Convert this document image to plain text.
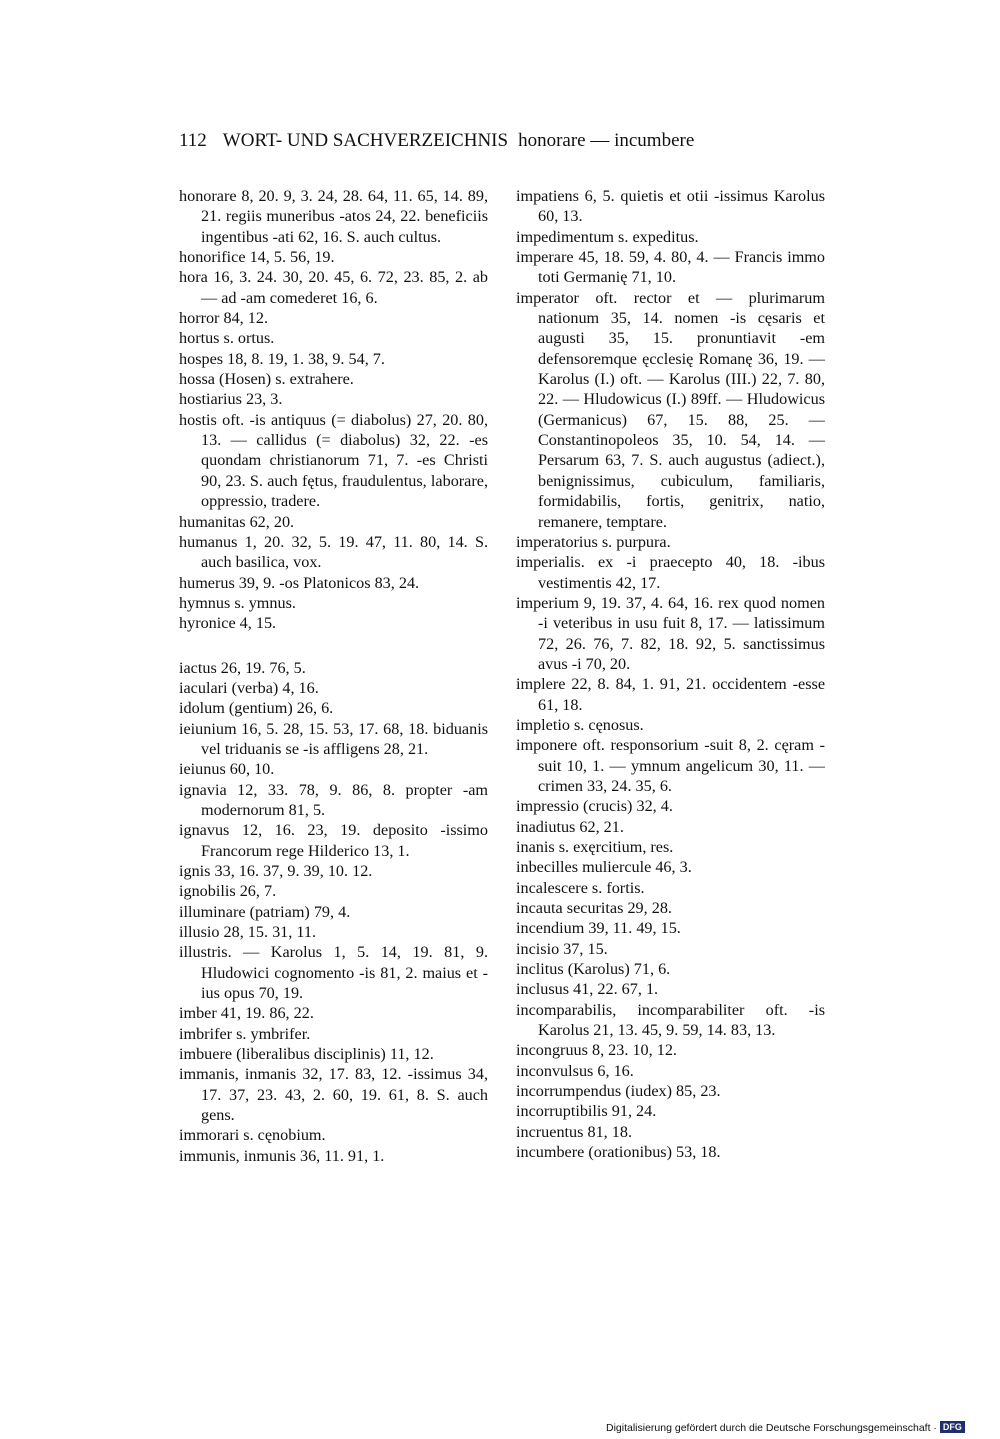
112 WORT- UND SACHVERZEICHNIS honorare — incumbere
honorare 8, 20. 9, 3. 24, 28. 64, 11. 65, 14. 89, 21. regiis muneribus -atos 24, 22. beneficiis ingentibus -ati 62, 16. S. auch cultus.
honorifice 14, 5. 56, 19.
hora 16, 3. 24. 30, 20. 45, 6. 72, 23. 85, 2. ab — ad -am comederet 16, 6.
horror 84, 12.
hortus s. ortus.
hospes 18, 8. 19, 1. 38, 9. 54, 7.
hossa (Hosen) s. extrahere.
hostiarius 23, 3.
hostis oft. -is antiquus (= diabolus) 27, 20. 80, 13. — callidus (= diabolus) 32, 22. -es quondam christianorum 71, 7. -es Christi 90, 23. S. auch fętus, fraudulentus, laborare, oppressio, tradere.
humanitas 62, 20.
humanus 1, 20. 32, 5. 19. 47, 11. 80, 14. S. auch basilica, vox.
humerus 39, 9. -os Platonicos 83, 24.
hymnus s. ymnus.
hyronice 4, 15.
iactus 26, 19. 76, 5.
iaculari (verba) 4, 16.
idolum (gentium) 26, 6.
ieiunium 16, 5. 28, 15. 53, 17. 68, 18. biduanis vel triduanis se -is affligens 28, 21.
ieiunus 60, 10.
ignavia 12, 33. 78, 9. 86, 8. propter -am modernorum 81, 5.
ignavus 12, 16. 23, 19. deposito -issimo Francorum rege Hilderico 13, 1.
ignis 33, 16. 37, 9. 39, 10. 12.
ignobilis 26, 7.
illuminare (patriam) 79, 4.
illusio 28, 15. 31, 11.
illustris. — Karolus 1, 5. 14, 19. 81, 9. Hludowici cognomento -is 81, 2. maius et -ius opus 70, 19.
imber 41, 19. 86, 22.
imbrifer s. ymbrifer.
imbuere (liberalibus disciplinis) 11, 12.
immanis, inmanis 32, 17. 83, 12. -issimus 34, 17. 37, 23. 43, 2. 60, 19. 61, 8. S. auch gens.
immorari s. cęnobium.
immunis, inmunis 36, 11. 91, 1.
impatiens 6, 5. quietis et otii -issimus Karolus 60, 13.
impedimentum s. expeditus.
imperare 45, 18. 59, 4. 80, 4. — Francis immo toti Germanię 71, 10.
imperator oft. rector et — plurimarum nationum 35, 14. nomen -is cęsaris et augusti 35, 15. pronuntiavit -em defensoremque ęcclesię Romanę 36, 19. — Karolus (I.) oft. — Karolus (III.) 22, 7. 80, 22. — Hludowicus (I.) 89ff. — Hludowicus (Germanicus) 67, 15. 88, 25. — Constantinopoleos 35, 10. 54, 14. — Persarum 63, 7. S. auch augustus (adiect.), benignissimus, cubiculum, familiaris, formidabilis, fortis, genitrix, natio, remanere, temptare.
imperatorius s. purpura.
imperialis. ex -i praecepto 40, 18. -ibus vestimentis 42, 17.
imperium 9, 19. 37, 4. 64, 16. rex quod nomen -i veteribus in usu fuit 8, 17. — latissimum 72, 26. 76, 7. 82, 18. 92, 5. sanctissimus avus -i 70, 20.
implere 22, 8. 84, 1. 91, 21. occidentem -esse 61, 18.
impletio s. cęnosus.
imponere oft. responsorium -suit 8, 2. cęram -suit 10, 1. — ymnum angelicum 30, 11. — crimen 33, 24. 35, 6.
impressio (crucis) 32, 4.
inadiutus 62, 21.
inanis s. exęrcitium, res.
inbecilles muliercule 46, 3.
incalescere s. fortis.
incauta securitas 29, 28.
incendium 39, 11. 49, 15.
incisio 37, 15.
inclitus (Karolus) 71, 6.
inclusus 41, 22. 67, 1.
incomparabilis, incomparabiliter oft. -is Karolus 21, 13. 45, 9. 59, 14. 83, 13.
incongruus 8, 23. 10, 12.
inconvulsus 6, 16.
incorrumpendus (iudex) 85, 23.
incorruptibilis 91, 24.
incruentus 81, 18.
incumbere (orationibus) 53, 18.
Digitalisierung gefördert durch die Deutsche Forschungsgemeinschaft · DFG
